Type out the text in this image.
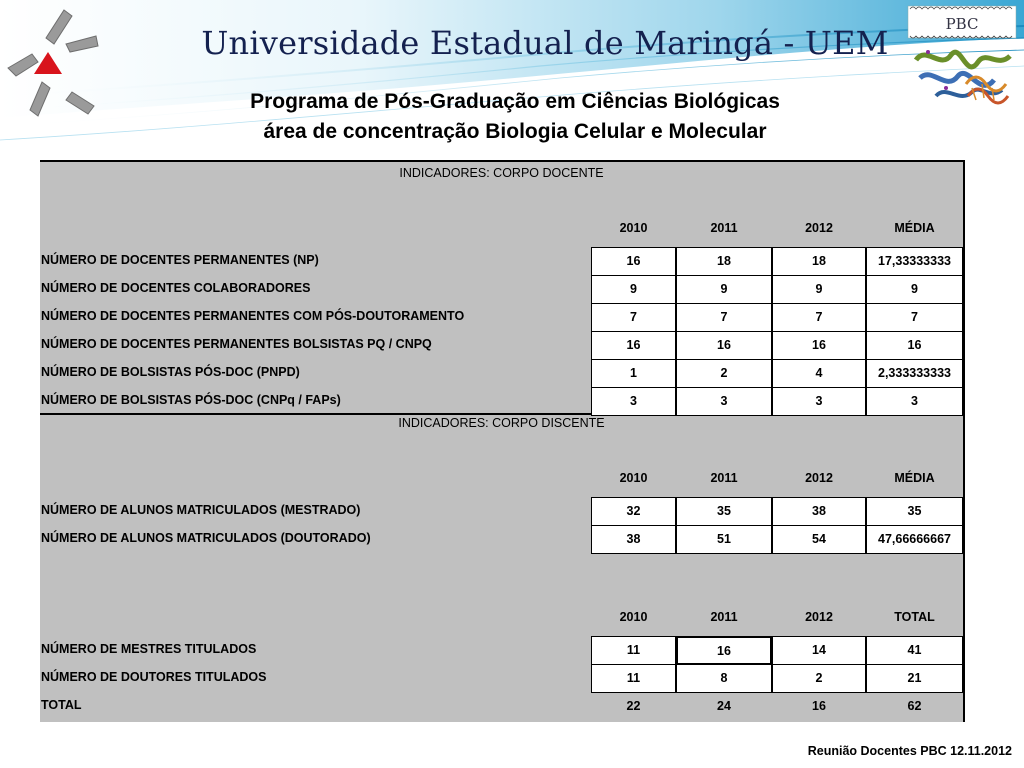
PBC
Universidade Estadual de Maringá - UEM
Programa de Pós-Graduação em Ciências Biológicas
área de concentração Biologia Celular e Molecular
INDICADORES: CORPO DOCENTE
2010	2011	2012	MÉDIA
NÚMERO DE DOCENTES PERMANENTES (NP)	16	18	18	17,33333333
NÚMERO DE DOCENTES COLABORADORES	9	9	9	9
NÚMERO DE DOCENTES PERMANENTES COM PÓS-DOUTORAMENTO	7	7	7	7
NÚMERO DE DOCENTES PERMANENTES BOLSISTAS PQ / CNPQ	16	16	16	16
NÚMERO DE BOLSISTAS PÓS-DOC (PNPD)	1	2	4	2,333333333
NÚMERO DE BOLSISTAS PÓS-DOC (CNPq / FAPs)	3	3	3	3
INDICADORES: CORPO DISCENTE
2010	2011	2012	MÉDIA
NÚMERO DE ALUNOS MATRICULADOS (MESTRADO)	32	35	38	35
NÚMERO DE ALUNOS MATRICULADOS (DOUTORADO)	38	51	54	47,66666667
2010	2011	2012	TOTAL
NÚMERO DE MESTRES TITULADOS	11	16	14	41
NÚMERO DE DOUTORES TITULADOS	11	8	2	21
TOTAL	22	24	16	62
Reunião Docentes PBC 12.11.2012
